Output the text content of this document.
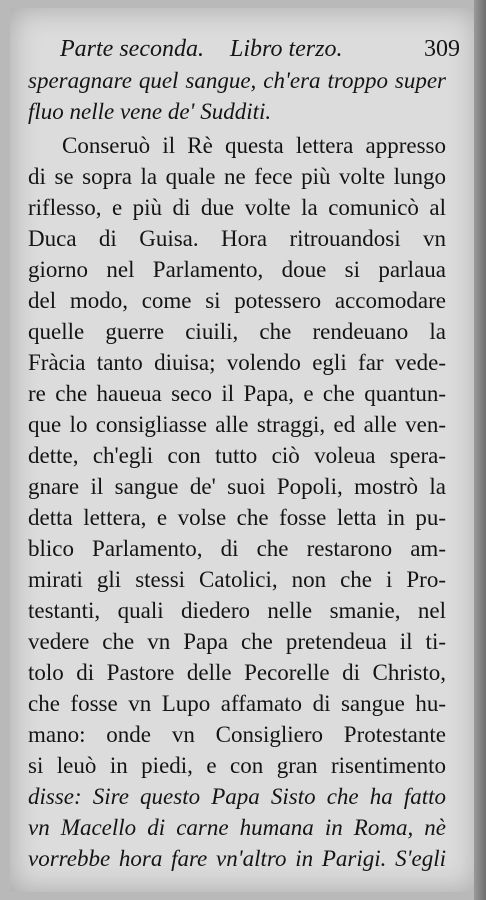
Parte seconda. Libro terzo.	309
speragnare quel sangue, ch'era troppo super
fluo nelle vene de' Sudditi.
Conseruò il Rè questa lettera appresso
di se sopra la quale ne fece più volte lungo
riflesso, e più di due volte la comunicò al
Duca di Guisa. Hora ritrouandosi vn
giorno nel Parlamento, doue si parlaua
del modo, come si potessero accomodare
quelle guerre ciuili, che rendeuano la
Fràcia tanto diuisa; volendo egli far vede-
re che haueua seco il Papa, e che quantun-
que lo consigliasse alle straggi, ed alle ven-
dette, ch'egli con tutto ciò voleua sperа-
gnare il sangue de' suoi Popoli, mostrò la
detta lettera, e volse che fosse letta in pu-
blico Parlamento, di che restarono am-
mirati gli stessi Catolici, non che i Pro-
testanti, quali diedero nelle smanie, nel
vedere che vn Papa che pretendeua il ti-
tolo di Pastore delle Pecorelle di Christo,
che fosse vn Lupo affamato di sangue hu-
mano: onde vn Consigliero Protestante
si leuò in piedi, e con gran risentimento
disse: Sire questo Papa Sisto che ha fatto
vn Macello di carne humana in Roma, nè
vorrebbe hora fare vn'altro in Parigi. S'egli
